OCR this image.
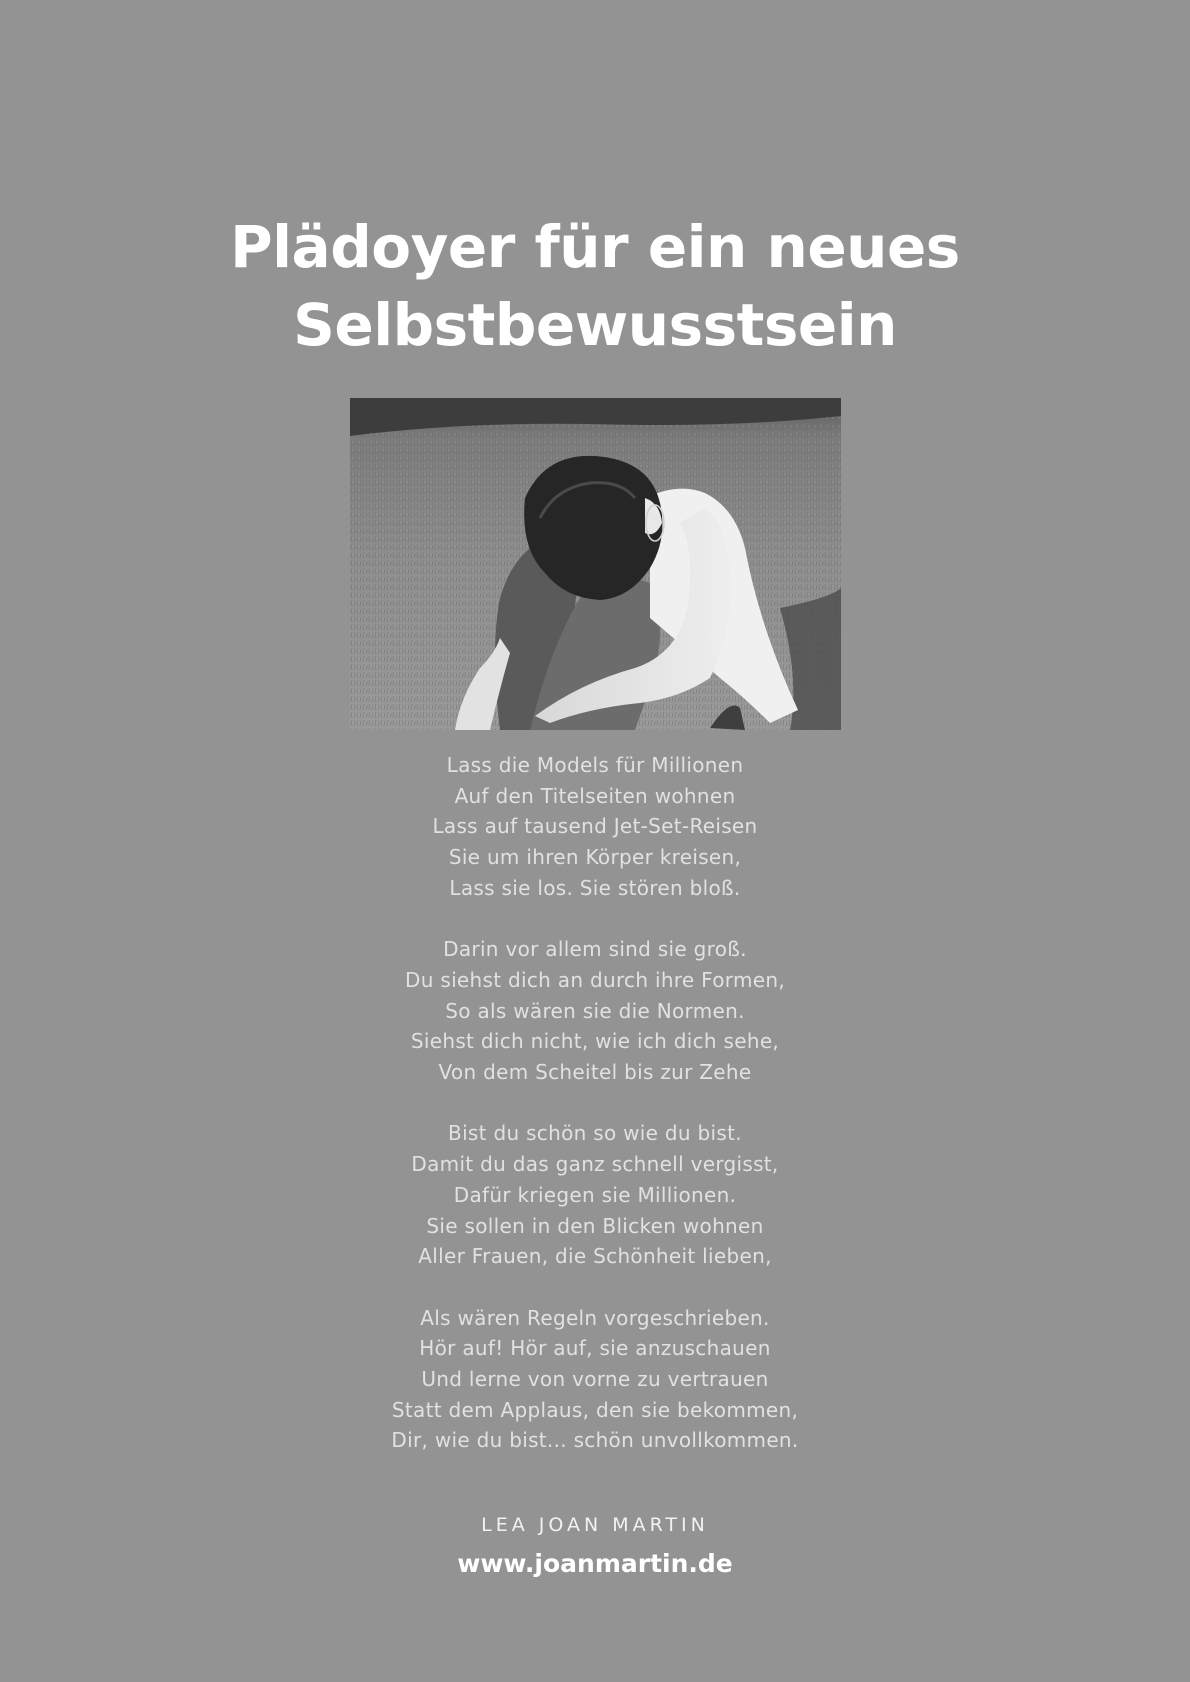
Plädoyer für ein neues
Selbstbewusstsein
Lass die Models für Millionen
Auf den Titelseiten wohnen
Lass auf tausend Jet-Set-Reisen
Sie um ihren Körper kreisen,
Lass sie los. Sie stören bloß.
Darin vor allem sind sie groß.
Du siehst dich an durch ihre Formen,
So als wären sie die Normen.
Siehst dich nicht, wie ich dich sehe,
Von dem Scheitel bis zur Zehe
Bist du schön so wie du bist.
Damit du das ganz schnell vergisst,
Dafür kriegen sie Millionen.
Sie sollen in den Blicken wohnen
Aller Frauen, die Schönheit lieben,
Als wären Regeln vorgeschrieben.
Hör auf! Hör auf, sie anzuschauen
Und lerne von vorne zu vertrauen
Statt dem Applaus, den sie bekommen,
Dir, wie du bist... schön unvollkommen.
LEA JOAN MARTIN
www.joanmartin.de
